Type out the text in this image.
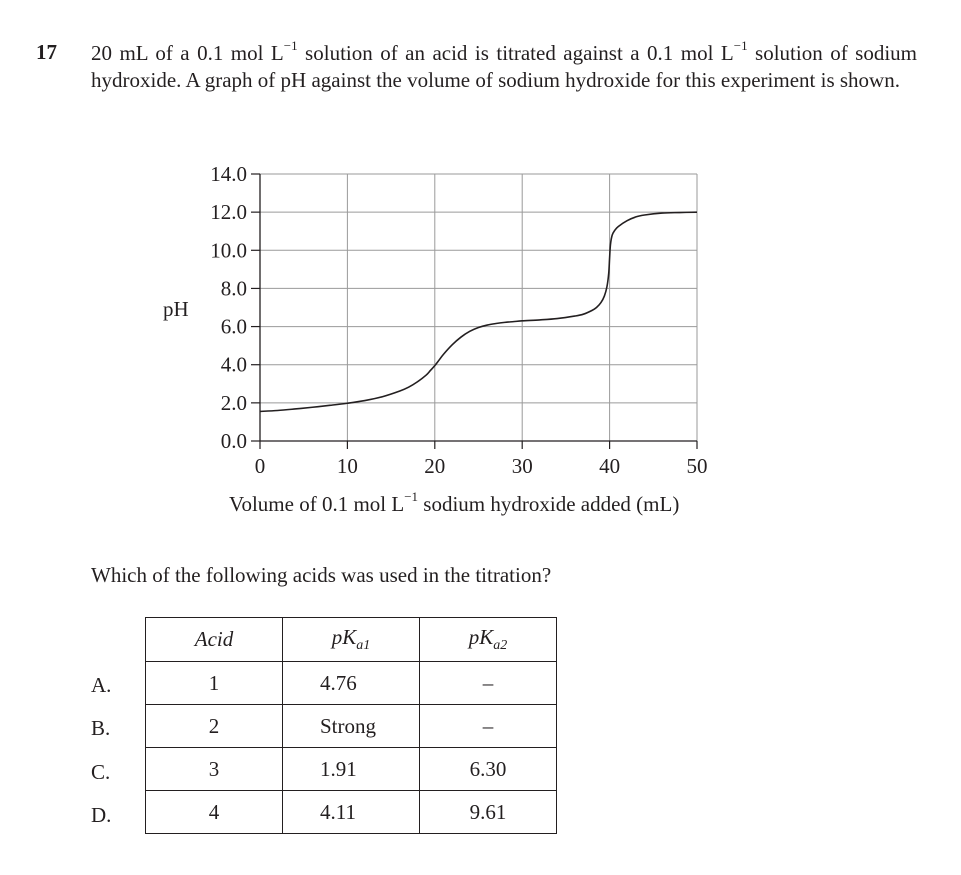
17 20 mL of a 0.1 mol $L^{-1}$ solution of an acid is titrated against a 0.1 mol $L^{-1}$ solution of sodium hydroxide. A graph of pH against the volume of sodium hydroxide for this experiment is shown.
0	10	20	30	40	50
0.0
2.0
4.0
6.0
8.0
10.0
12.0
14.0
pH
Volume of 0.1 mol $L^{-1}$ sodium hydroxide added (mL)
Which of the following acids was used in the titration?
A.
B.
C.
D.
Acid	$pK_{a1}$	$pK_{a2}$
1	4.76	–
2	Strong	–
3	1.91	6.30
4	4.11	9.61
